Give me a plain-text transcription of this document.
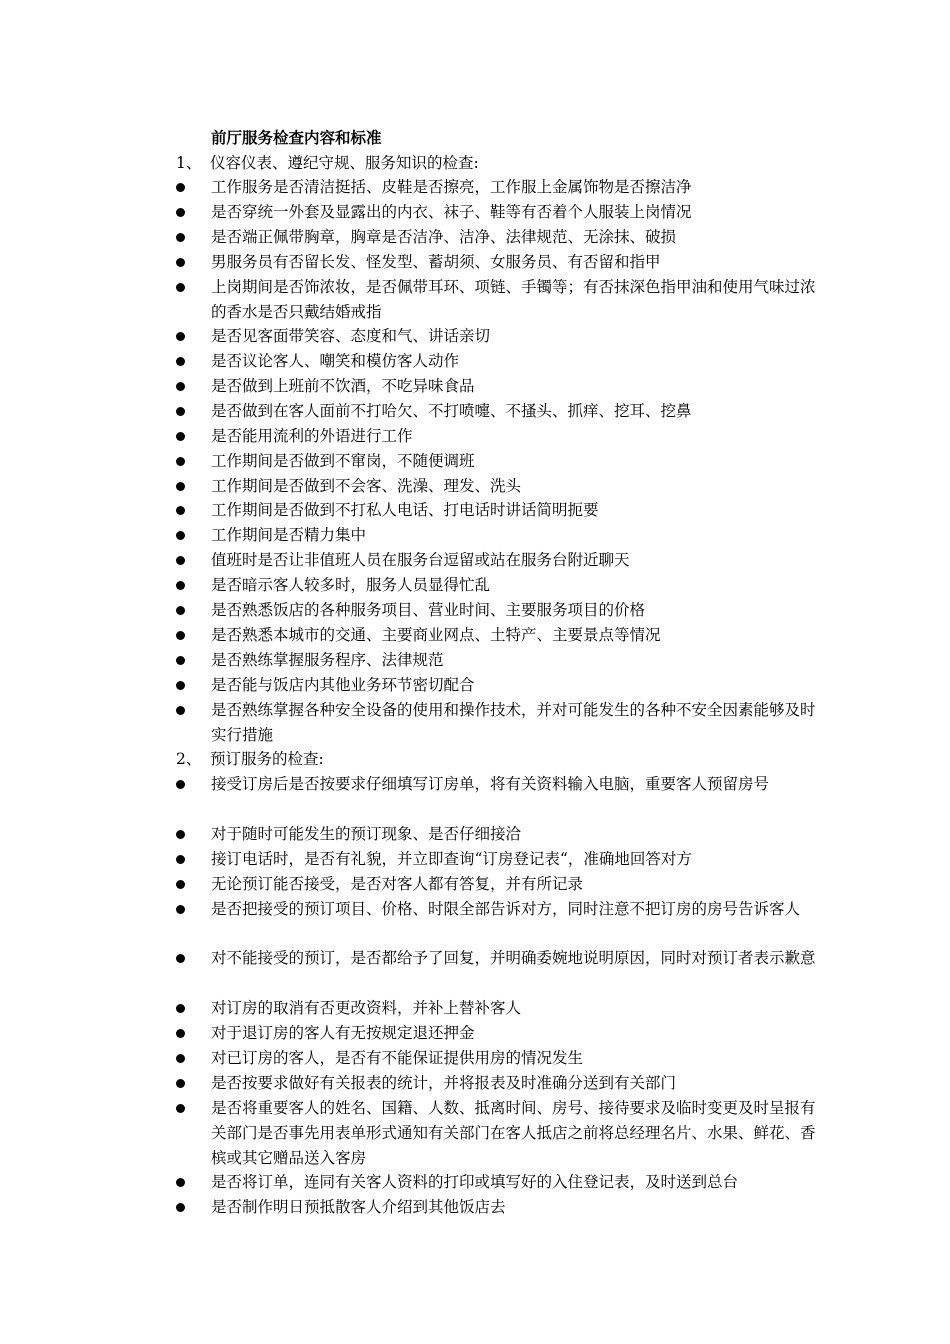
前厅服务检查内容和标准
1、 仪容仪表、遵纪守规、服务知识的检查:
工作服务是否清洁挺括、皮鞋是否擦亮，工作服上金属饰物是否擦洁净
是否穿统一外套及显露出的内衣、袜子、鞋等有否着个人服装上岗情况
是否端正佩带胸章，胸章是否洁净、洁净、法律规范、无涂抹、破损
男服务员有否留长发、怪发型、蓄胡须、女服务员、有否留和指甲
上岗期间是否饰浓妆，是否佩带耳环、项链、手镯等；有否抹深色指甲油和使用气味过浓的香水是否只戴结婚戒指
是否见客面带笑容、态度和气、讲话亲切
是否议论客人、嘲笑和模仿客人动作
是否做到上班前不饮酒，不吃异味食品
是否做到在客人面前不打哈欠、不打喷嚏、不搔头、抓痒、挖耳、挖鼻
是否能用流利的外语进行工作
工作期间是否做到不窜岗，不随便调班
工作期间是否做到不会客、洗澡、理发、洗头
工作期间是否做到不打私人电话、打电话时讲话简明扼要
工作期间是否精力集中
值班时是否让非值班人员在服务台逗留或站在服务台附近聊天
是否暗示客人较多时，服务人员显得忙乱
是否熟悉饭店的各种服务项目、营业时间、主要服务项目的价格
是否熟悉本城市的交通、主要商业网点、土特产、主要景点等情况
是否熟练掌握服务程序、法律规范
是否能与饭店内其他业务环节密切配合
是否熟练掌握各种安全设备的使用和操作技术，并对可能发生的各种不安全因素能够及时实行措施
2、 预订服务的检查:
接受订房后是否按要求仔细填写订房单，将有关资料输入电脑，重要客人预留房号
对于随时可能发生的预订现象、是否仔细接洽
接订电话时，是否有礼貌，并立即查询“订房登记表“，准确地回答对方
无论预订能否接受，是否对客人都有答复，并有所记录
是否把接受的预订项目、价格、时限全部告诉对方，同时注意不把订房的房号告诉客人
对不能接受的预订，是否都给予了回复，并明确委婉地说明原因，同时对预订者表示歉意
对订房的取消有否更改资料，并补上替补客人
对于退订房的客人有无按规定退还押金
对已订房的客人，是否有不能保证提供用房的情况发生
是否按要求做好有关报表的统计，并将报表及时准确分送到有关部门
是否将重要客人的姓名、国籍、人数、抵离时间、房号、接待要求及临时变更及时呈报有关部门是否事先用表单形式通知有关部门在客人抵店之前将总经理名片、水果、鲜花、香槟或其它赠品送入客房
是否将订单，连同有关客人资料的打印或填写好的入住登记表，及时送到总台
是否制作明日预抵散客人介绍到其他饭店去
